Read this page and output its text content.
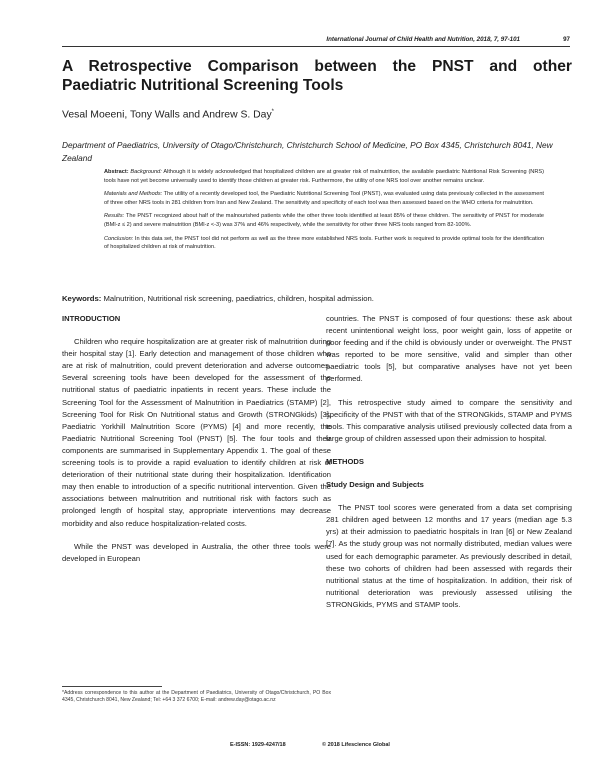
International Journal of Child Health and Nutrition, 2018, 7, 97-101	97
A Retrospective Comparison between the PNST and other
Paediatric Nutritional Screening Tools
Vesal Moeeni, Tony Walls and Andrew S. Day*
Department of Paediatrics, University of Otago/Christchurch, Christchurch School of Medicine, PO Box 4345, Christchurch 8041, New Zealand

Abstract: Background: Although it is widely acknowledged that hospitalized children are at greater risk of malnutrition, the available paediatric Nutritional Risk Screening (NRS) tools have not yet become universally used to identify those children at greater risk. Furthermore, the utility of one NRS tool over another remains unclear.

Materials and Methods: The utility of a recently developed tool, the Paediatric Nutritional Screening Tool (PNST), was evaluated using data previously collected in the assessment of three other NRS tools in 281 children from Iran and New Zealand. The sensitivity and specificity of each tool was then assessed based on the WHO criteria for malnutrition.

Results: The PNST recognized about half of the malnourished patients while the other three tools identified at least 85% of these children. The sensitivity of PNST for moderate (BMI-z ≤ 2) and severe malnutrition (BMI-z <-3) was 37% and 46% respectively, while the sensitivity for other three NRS tools ranged from 82-100%.

Conclusion: In this data set, the PNST tool did not perform as well as the three more established NRS tools. Further work is required to provide optimal tools for the identification of hospitalized children at risk of malnutrition.

Keywords: Malnutrition, Nutritional risk screening, paediatrics, children, hospital admission.
INTRODUCTION

Children who require hospitalization are at greater risk of malnutrition during their hospital stay [1]. Early detection and management of those children who are at risk of malnutrition, could prevent deterioration and adverse outcomes. Several screening tools have been developed for the assessment of the nutritional status of paediatric inpatients in recent years. These include the Screening Tool for the Assessment of Malnutrition in Paediatrics (STAMP) [2], Screening Tool for Risk On Nutritional status and Growth (STRONGkids) [3], Paediatric Yorkhill Malnutrition Score (PYMS) [4] and more recently, the Paediatric Nutritional Screening Tool (PNST) [5]. The four tools and their components are summarised in Supplementary Appendix 1. The goal of these screening tools is to provide a rapid evaluation to identify children at risk of deterioration of their nutritional state during their hospitalization. Identification may then enable to introduction of a specific nutritional intervention. Given the associations between malnutrition and nutritional risk with factors such as prolonged length of hospital stay, appropriate interventions may decrease morbidity and also reduce hospitalization-related costs.

While the PNST was developed in Australia, the other three tools were developed in European

countries. The PNST is composed of four questions: these ask about recent unintentional weight loss, poor weight gain, loss of appetite or poor feeding and if the child is obviously under or overweight. The PNST was reported to be more sensitive, valid and simpler than other paediatric tools [5], but comparative analyses have not yet been performed.

This retrospective study aimed to compare the sensitivity and specificity of the PNST with that of the STRONGkids, STAMP and PYMS tools. This comparative analysis utilised previously collected data from a large group of children assessed upon their admission to hospital.

METHODS
Study Design and Subjects

The PNST tool scores were generated from a data set comprising 281 children aged between 12 months and 17 years (median age 5.3 yrs) at their admission to paediatric hospitals in Iran [6] or New Zealand [7]. As the study group was not normally distributed, median values were used for each demographic parameter. As previously described in detail, these two cohorts of children had been assessed with regards their nutritional status at the time of hospitalization. In addition, their risk of nutritional deterioration was previously assessed utilising the STRONGkids, PYMS and STAMP tools.

*Address correspondence to this author at the Department of Paediatrics, University of Otago/Christchurch, PO Box 4345, Christchurch 8041, New Zealand; Tel: +64 3 372 6700; E-mail: andrew.day@otago.ac.nz
E-ISSN: 1929-4247/18	© 2018 Lifescience Global
